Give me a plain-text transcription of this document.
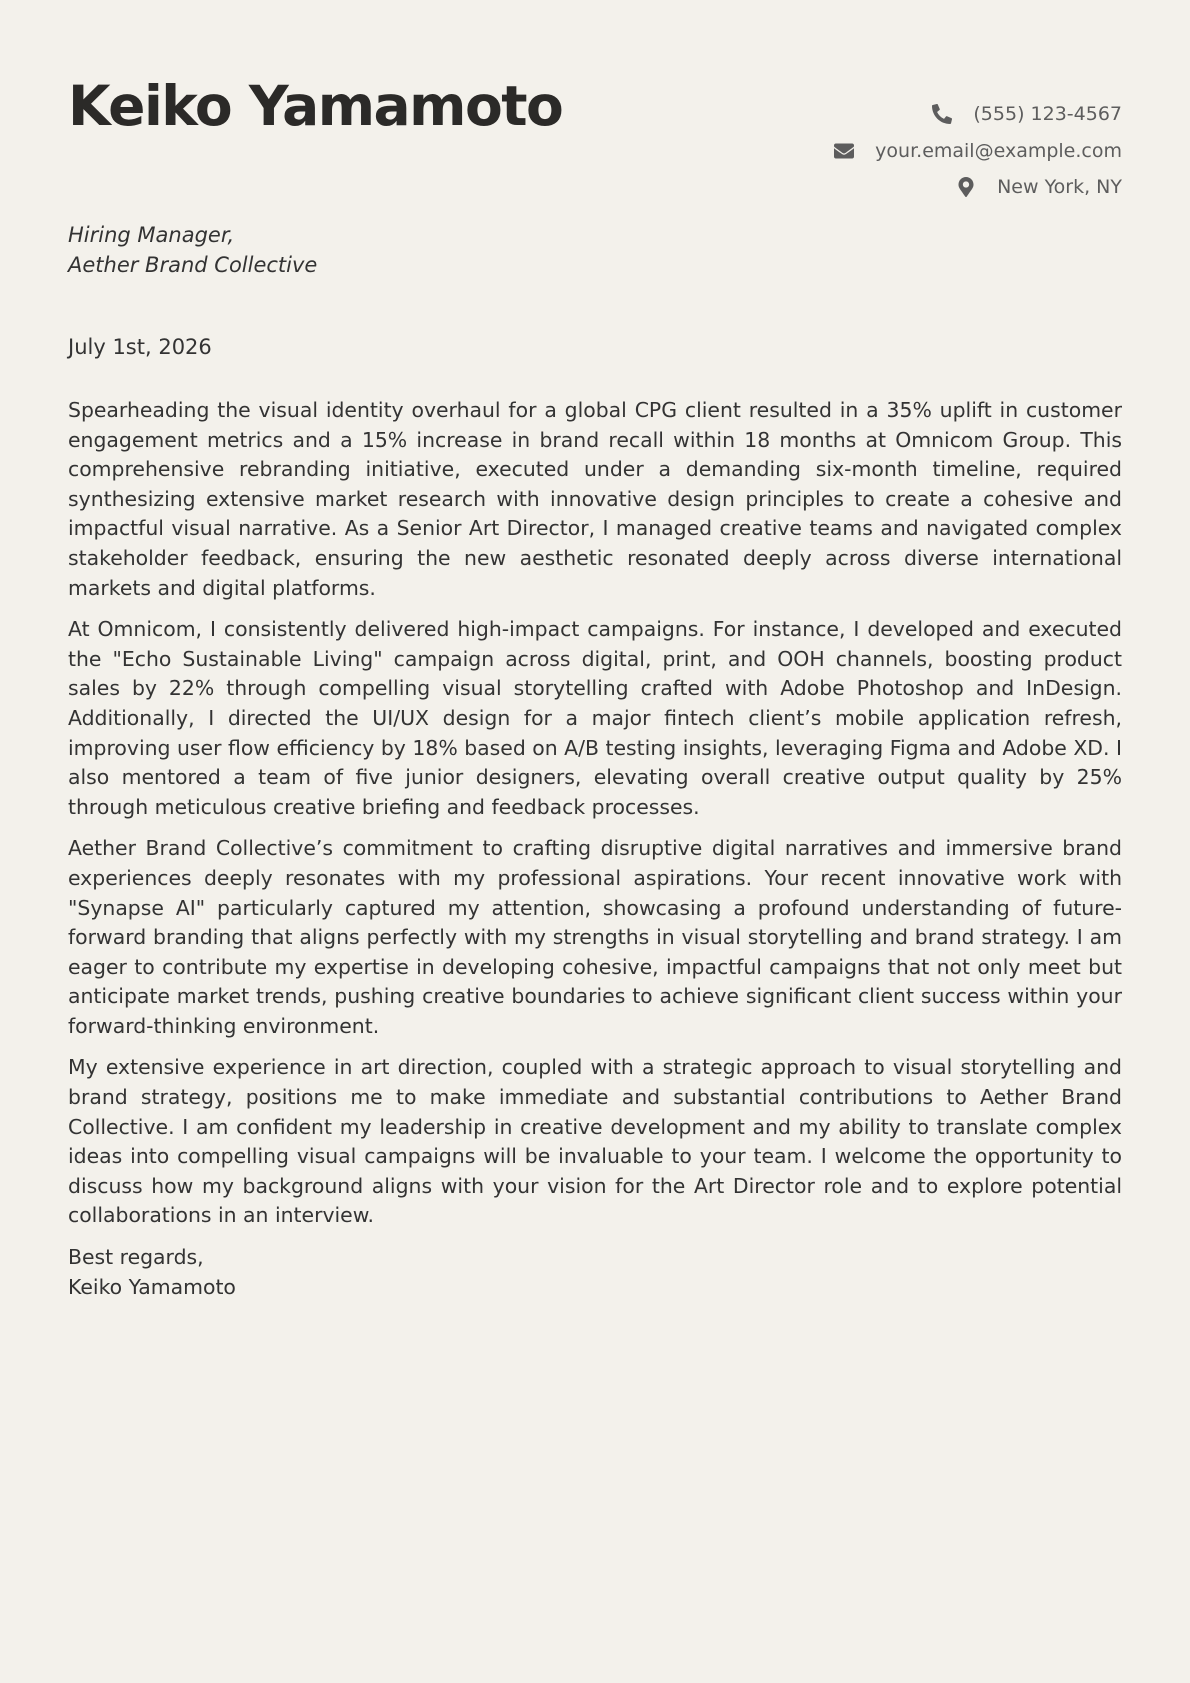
Keiko Yamamoto	(555) 123-4567
your.email@example.com
New York, NY
Hiring Manager,
Aether Brand Collective
July 1st, 2026

Spearheading the visual identity overhaul for a global CPG client resulted in a 35% uplift in customer engagement metrics and a 15% increase in brand recall within 18 months at Omnicom Group. This comprehensive rebranding initiative, executed under a demanding six-month timeline, required synthesizing extensive market research with innovative design principles to create a cohesive and impactful visual narrative. As a Senior Art Director, I managed creative teams and navigated complex stakeholder feedback, ensuring the new aesthetic resonated deeply across diverse international markets and digital platforms.

At Omnicom, I consistently delivered high-impact campaigns. For instance, I developed and executed the "Echo Sustainable Living" campaign across digital, print, and OOH channels, boosting product sales by 22% through compelling visual storytelling crafted with Adobe Photoshop and InDesign. Additionally, I directed the UI/UX design for a major fintech client’s mobile application refresh, improving user flow efficiency by 18% based on A/B testing insights, leveraging Figma and Adobe XD. I also mentored a team of five junior designers, elevating overall creative output quality by 25% through meticulous creative briefing and feedback processes.

Aether Brand Collective’s commitment to crafting disruptive digital narratives and immersive brand experiences deeply resonates with my professional aspirations. Your recent innovative work with "Synapse AI" particularly captured my attention, showcasing a profound understanding of future-forward branding that aligns perfectly with my strengths in visual storytelling and brand strategy. I am eager to contribute my expertise in developing cohesive, impactful campaigns that not only meet but anticipate market trends, pushing creative boundaries to achieve significant client success within your forward-thinking environment.

My extensive experience in art direction, coupled with a strategic approach to visual storytelling and brand strategy, positions me to make immediate and substantial contributions to Aether Brand Collective. I am confident my leadership in creative development and my ability to translate complex ideas into compelling visual campaigns will be invaluable to your team. I welcome the opportunity to discuss how my background aligns with your vision for the Art Director role and to explore potential collaborations in an interview.

Best regards,
Keiko Yamamoto
